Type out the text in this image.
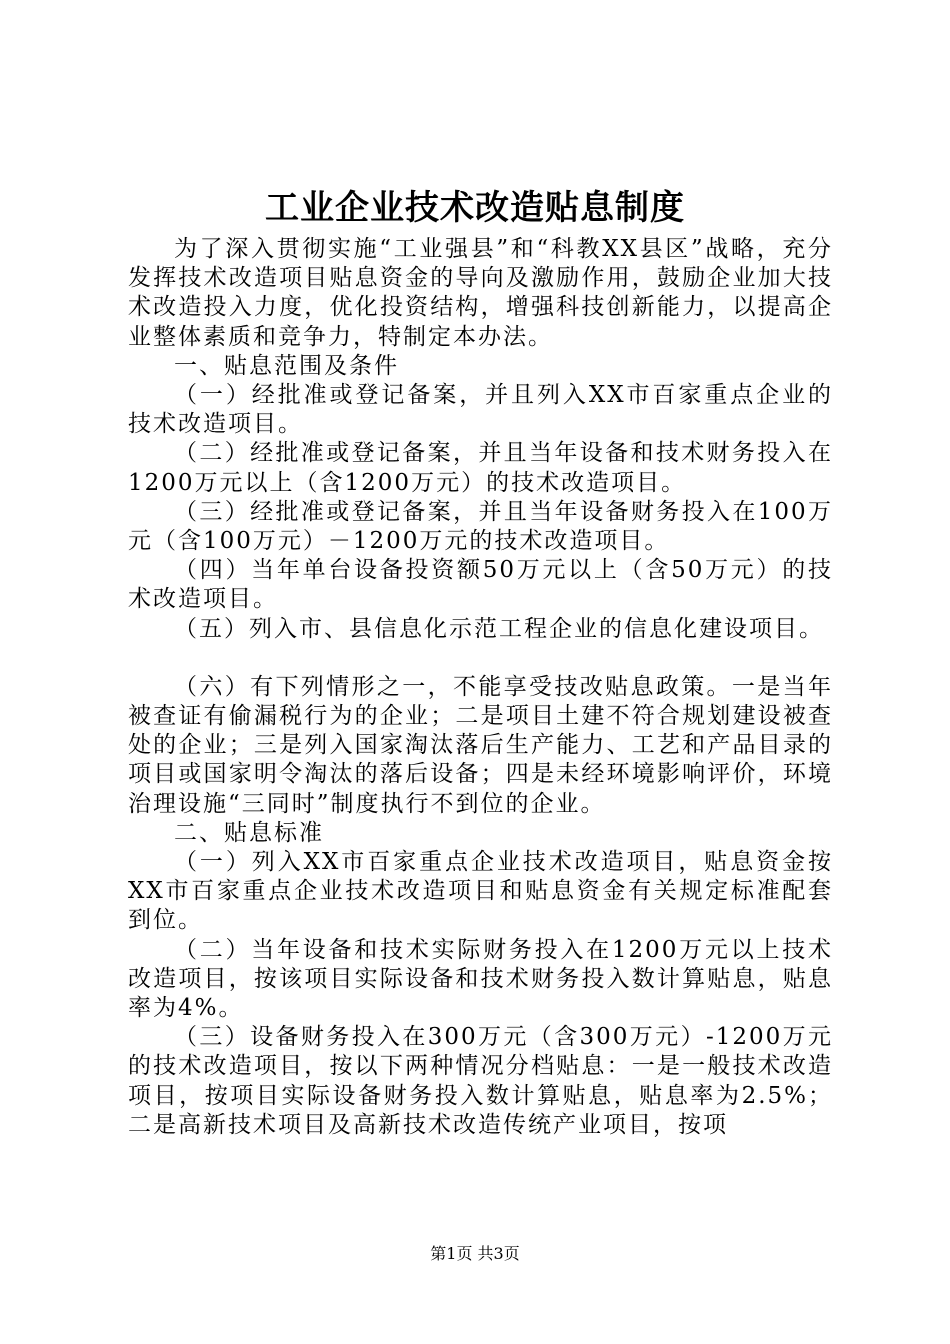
工业企业技术改造贴息制度

为了深入贯彻实施“工业强县”和“科教XX县区”战略，充分发挥技术改造项目贴息资金的导向及激励作用，鼓励企业加大技术改造投入力度，优化投资结构，增强科技创新能力，以提高企业整体素质和竞争力，特制定本办法。

一、贴息范围及条件

（一）经批准或登记备案，并且列入XX市百家重点企业的技术改造项目。

（二）经批准或登记备案，并且当年设备和技术财务投入在1200万元以上（含1200万元）的技术改造项目。

（三）经批准或登记备案，并且当年设备财务投入在100万元（含100万元）－1200万元的技术改造项目。

（四）当年单台设备投资额50万元以上（含50万元）的技术改造项目。

（五）列入市、县信息化示范工程企业的信息化建设项目。

（六）有下列情形之一，不能享受技改贴息政策。一是当年被查证有偷漏税行为的企业；二是项目土建不符合规划建设被查处的企业；三是列入国家淘汰落后生产能力、工艺和产品目录的项目或国家明令淘汰的落后设备；四是未经环境影响评价，环境治理设施“三同时”制度执行不到位的企业。

二、贴息标准

（一）列入XX市百家重点企业技术改造项目，贴息资金按XX市百家重点企业技术改造项目和贴息资金有关规定标准配套到位。

（二）当年设备和技术实际财务投入在1200万元以上技术改造项目，按该项目实际设备和技术财务投入数计算贴息，贴息率为4%。

（三）设备财务投入在300万元（含300万元）-1200万元的技术改造项目，按以下两种情况分档贴息：一是一般技术改造项目，按项目实际设备财务投入数计算贴息，贴息率为2.5%；二是高新技术项目及高新技术改造传统产业项目，按项

第1页 共3页
